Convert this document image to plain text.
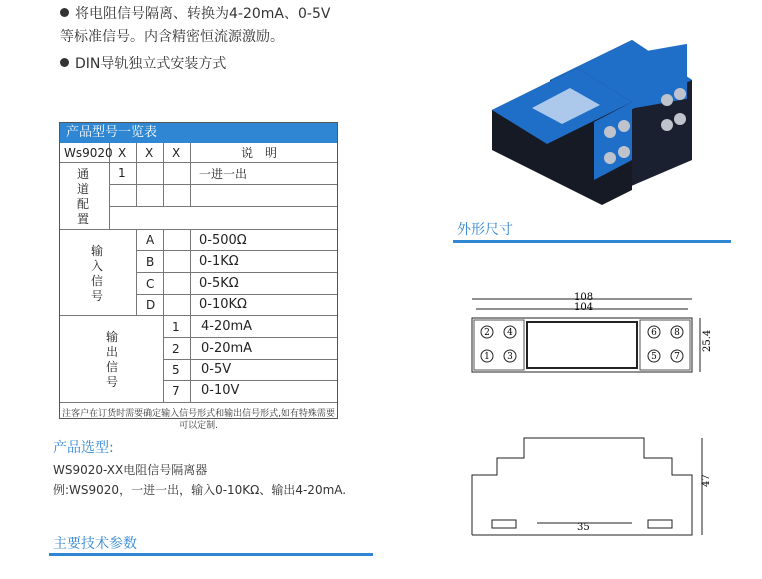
将电阻信号隔离、转换为4-20mA、0-5V
等标准信号。内含精密恒流源激励。
DIN导轨独立式安装方式
产品型号一览表
Ws9020 X X X	说　明
通道配置
1	一进一出
输入信号
A	0-500Ω
B	0-1KΩ
C	0-5KΩ
D	0-10KΩ
输出信号
1 4-20mA
2 0-20mA
5 0-5V
7 0-10V
注客户在订货时需要确定输入信号形式和输出信号形式,如有特殊需要可以定制.
产品选型:
WS9020-XX电阻信号隔离器
例:WS9020，一进一出，输入0-10KΩ、输出4-20mA.
主要技术参数
外形尺寸
108
104
25.4
2 4
1 3
6 8
5 7
35
47
